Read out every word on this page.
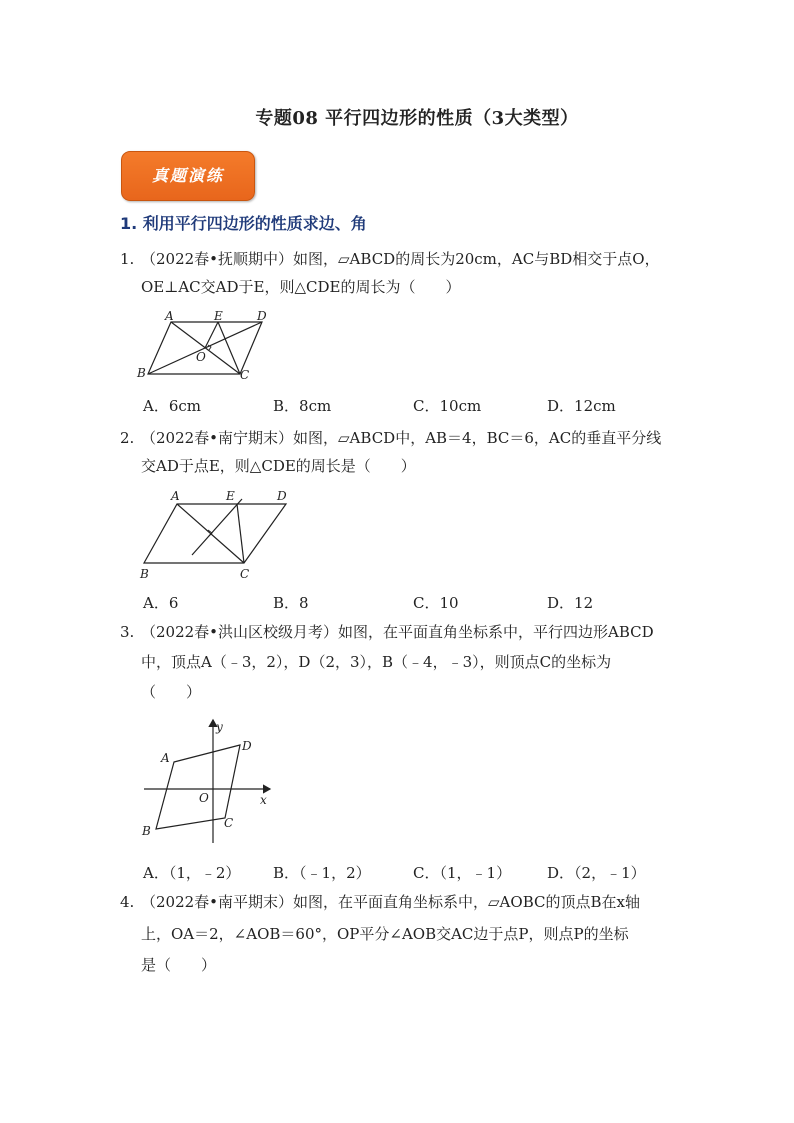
专题08 平行四边形的性质（3大类型）
真题演练
1. 利用平行四边形的性质求边、角
1. （2022春•抚顺期中）如图，▱ABCD的周长为20cm，AC与BD相交于点O，
OE⊥AC交AD于E，则△CDE的周长为（　　）
A	E	D
B	C
O
A．6cm	B．8cm	C．10cm	D．12cm
2. （2022春•南宁期末）如图，▱ABCD中，AB＝4，BC＝6，AC的垂直平分线
交AD于点E，则△CDE的周长是（　　）
A	E	D
B	C
A．6	B．8	C．10	D．12
3. （2022春•洪山区校级月考）如图，在平面直角坐标系中，平行四边形ABCD
中，顶点A（﹣3，2），D（2，3），B（﹣4，﹣3），则顶点C的坐标为
（　　）
y
x
O
A
D
B
C
A．（1，﹣2） B．（﹣1，2）	C．（1，﹣1） D．（2，﹣1）
4. （2022春•南平期末）如图，在平面直角坐标系中，▱AOBC的顶点B在x轴
上，OA＝2，∠AOB＝60°，OP平分∠AOB交AC边于点P，则点P的坐标
是（　　）
